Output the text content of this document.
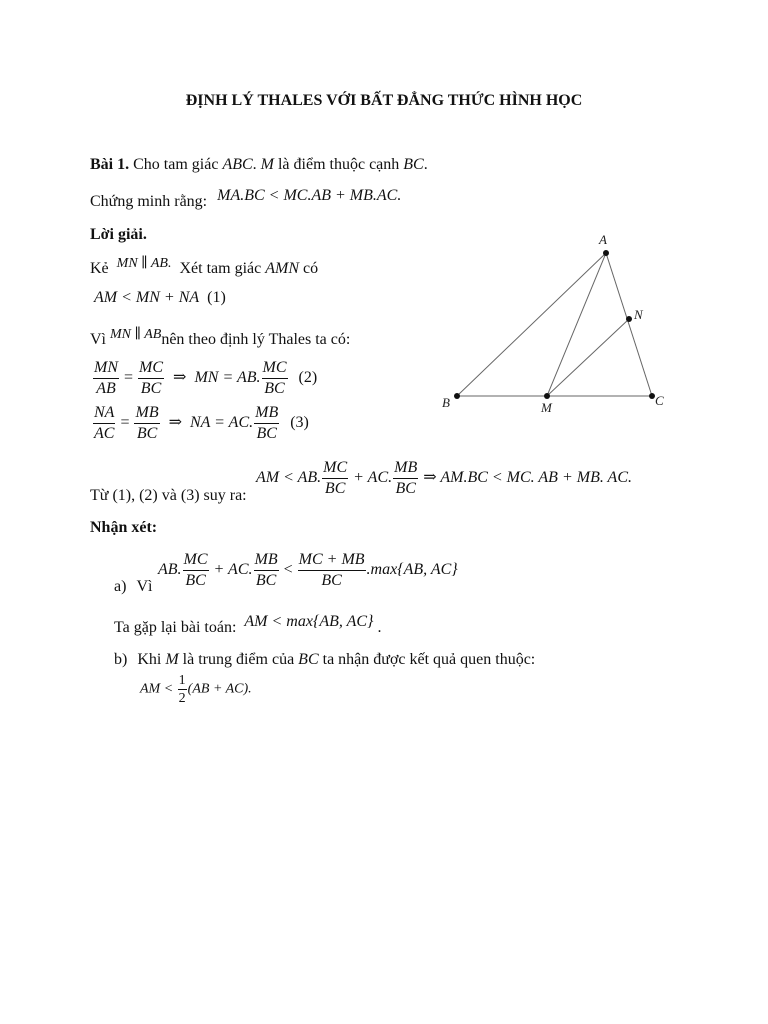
ĐỊNH LÝ THALES VỚI BẤT ĐẲNG THỨC HÌNH HỌC
Bài 1. Cho tam giác ABC. M là điểm thuộc cạnh BC.
Chứng minh rằng: MA.BC < MC.AB + MB.AC.
Lời giải.
Kẻ MN ∥ AB. Xét tam giác AMN có
AM < MN + NA (1)
Vì MN ∥ ABnên theo định lý Thales ta có:
$\frac{MN}{AB} = \frac{MC}{BC}$ ⇒ MN = AB. $\frac{MC}{BC} (2)$
$\frac{NA}{AC} = \frac{MB}{BC}$ ⇒ NA = AC. $\frac{MB}{BC} (3)$
Từ (1), (2) và (3) suy ra:
AM < AB. $\frac{MC}{BC}$ + AC. $\frac{MB}{BC}$ ⇒ AM.BC < MC. AB + MB. AC.
Nhận xét:
a) Vì
AB. $\frac{MC}{BC}$ + AC. $\frac{MB}{BC} < \frac{MC + MB}{BC} .\max\{AB$, AC}
Ta gặp lại bài toán: AM < max{AB, AC} .
b) Khi M là trung điểm của BC ta nhận được kết quả quen thuộc:
AM < $\frac{1}{2} (AB + AC)$.
A
B	C
M
N
